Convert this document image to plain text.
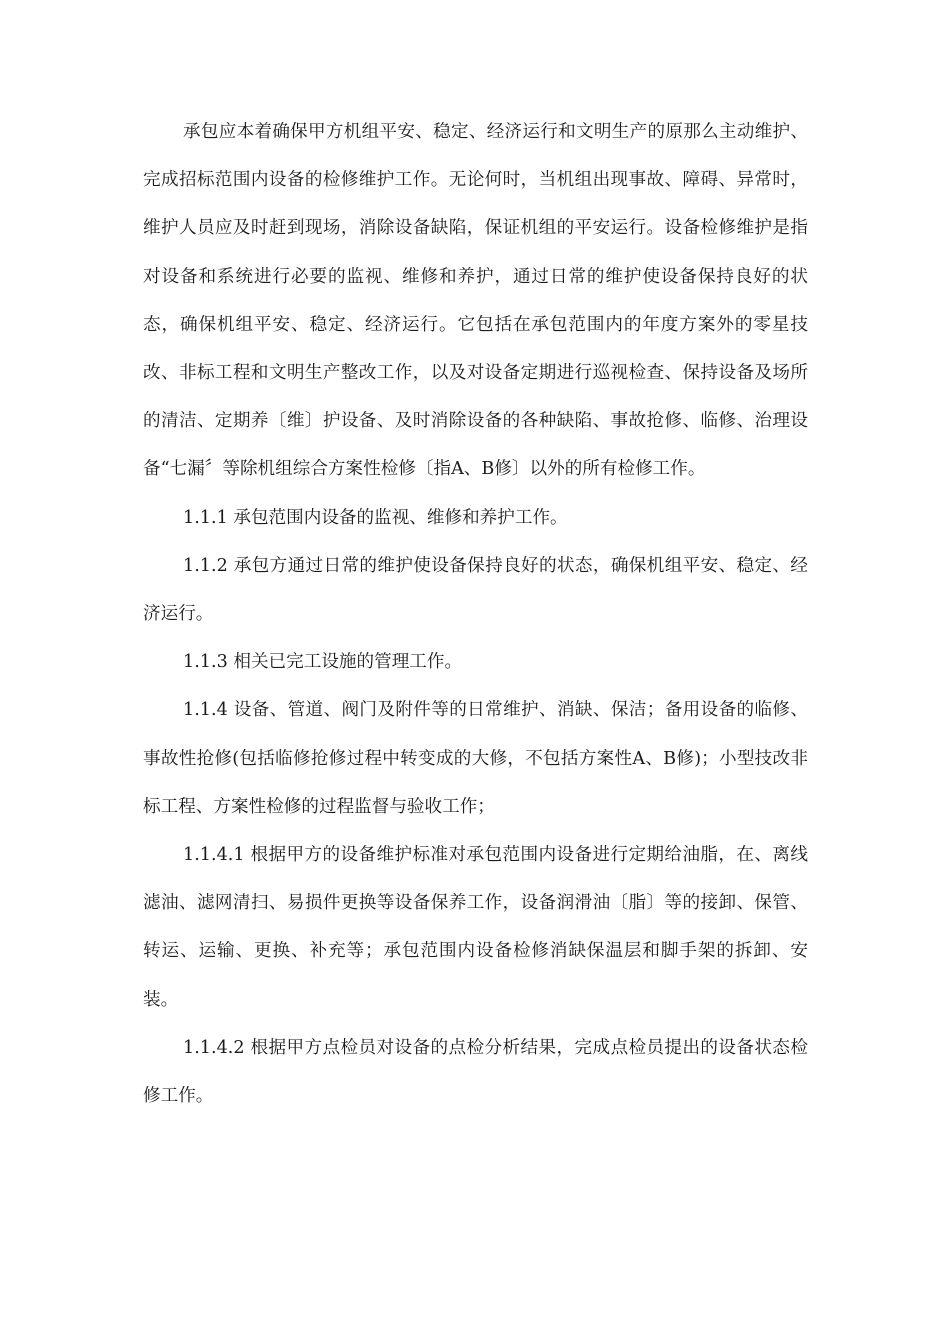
承包应本着确保甲方机组平安、稳定、经济运行和文明生产的原那么主动维护、完成招标范围内设备的检修维护工作。无论何时，当机组出现事故、障碍、异常时，维护人员应及时赶到现场，消除设备缺陷，保证机组的平安运行。设备检修维护是指对设备和系统进行必要的监视、维修和养护，通过日常的维护使设备保持良好的状态，确保机组平安、稳定、经济运行。它包括在承包范围内的年度方案外的零星技改、非标工程和文明生产整改工作，以及对设备定期进行巡视检查、保持设备及场所的清洁、定期养〔维〕护设备、及时消除设备的各种缺陷、事故抢修、临修、治理设备“七漏〞等除机组综合方案性检修〔指A、B修〕以外的所有检修工作。

1.1.1 承包范围内设备的监视、维修和养护工作。

1.1.2 承包方通过日常的维护使设备保持良好的状态，确保机组平安、稳定、经济运行。

1.1.3 相关已完工设施的管理工作。

1.1.4 设备、管道、阀门及附件等的日常维护、消缺、保洁；备用设备的临修、事故性抢修(包括临修抢修过程中转变成的大修，不包括方案性A、B修)；小型技改非标工程、方案性检修的过程监督与验收工作；

1.1.4.1 根据甲方的设备维护标准对承包范围内设备进行定期给油脂，在、离线滤油、滤网清扫、易损件更换等设备保养工作，设备润滑油〔脂〕等的接卸、保管、转运、运输、更换、补充等；承包范围内设备检修消缺保温层和脚手架的拆卸、安装。

1.1.4.2 根据甲方点检员对设备的点检分析结果，完成点检员提出的设备状态检修工作。
